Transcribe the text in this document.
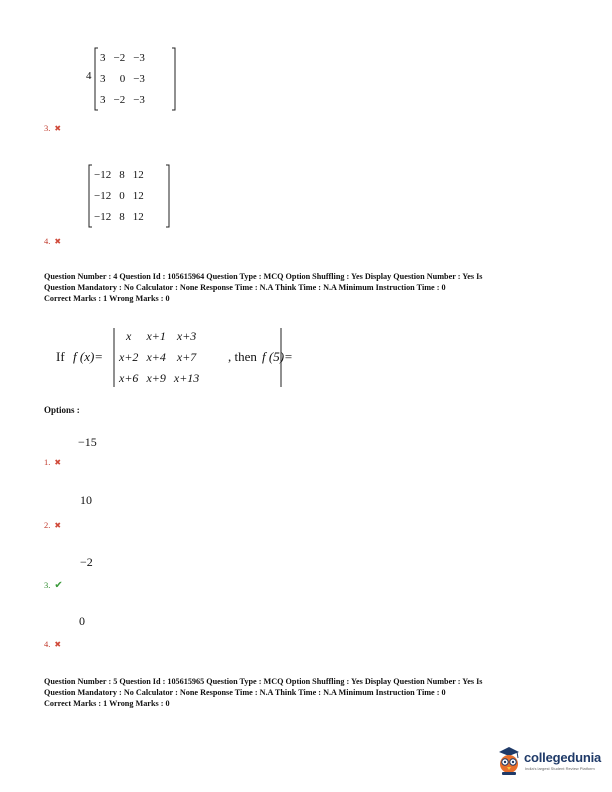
4
3	−2	−3
3	0	−3
3	−2	−3
3. ✖
−12	8	12
−12	0	12
−12	8	12
4. ✖
Question Number : 4 Question Id : 105615964 Question Type : MCQ Option Shuffling : Yes Display Question Number : Yes Is
Question Mandatory : No Calculator : None Response Time : N.A Think Time : N.A Minimum Instruction Time : 0
Correct Marks : 1 Wrong Marks : 0
If f (x)=
x	x+1	x+3
x+2	x+4	x+7
x+6	x+9	x+13
, then f (5)=
Options :
−15
1. ✖
10
2. ✖
−2
3. ✔
0
4. ✖
Question Number : 5 Question Id : 105615965 Question Type : MCQ Option Shuffling : Yes Display Question Number : Yes Is
Question Mandatory : No Calculator : None Response Time : N.A Think Time : N.A Minimum Instruction Time : 0
Correct Marks : 1 Wrong Marks : 0
collegedunia
India's largest Student Review Platform
